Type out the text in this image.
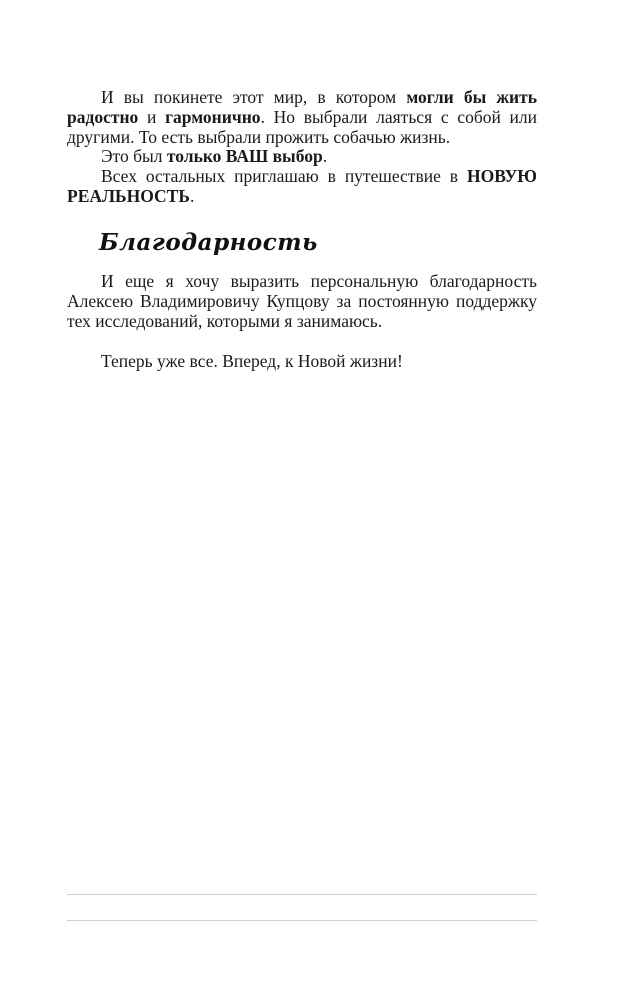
И вы покинете этот мир, в котором могли бы жить радостно и гармонично. Но выбрали лаяться с собой или другими. То есть выбрали прожить собачью жизнь.

Это был только ВАШ выбор.

Всех остальных приглашаю в путешествие в НОВУЮ РЕАЛЬНОСТЬ.

Благодарность

И еще я хочу выразить персональную благодарность Алексею Владимировичу Купцову за постоянную поддержку тех исследований, которыми я занимаюсь.

Теперь уже все. Вперед, к Новой жизни!
